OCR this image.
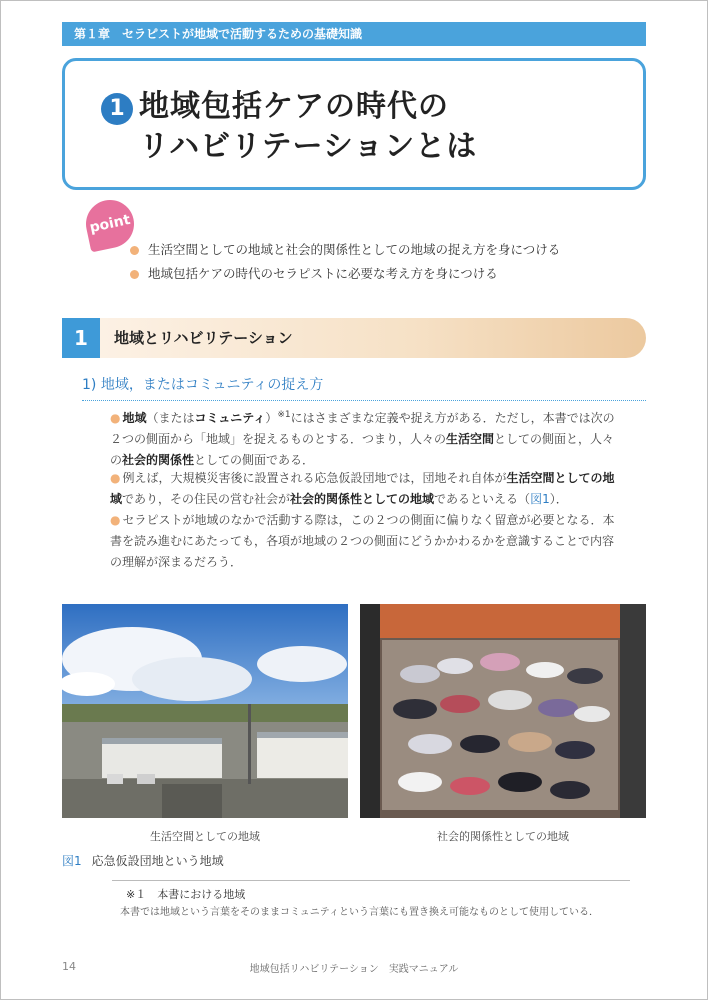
第１章　セラピストが地域で活動するための基礎知識
1 地域包括ケアの時代の
リハビリテーションとは
point
生活空間としての地域と社会的関係性としての地域の捉え方を身につける
地域包括ケアの時代のセラピストに必要な考え方を身につける
1	地域とリハビリテーション
1) 地域，またはコミュニティの捉え方

● 地域（またはコミュニティ）$^{※1}$にはさまざまな定義や捉え方がある．ただし，本書では次の２つの側面から「地域」を捉えるものとする．つまり，人々の生活空間としての側面と，人々の社会的関係性としての側面である．

● 例えば，大規模災害後に設置される応急仮設団地では，団地それ自体が生活空間としての地域であり，その住民の営む社会が社会的関係性としての地域であるといえる（図1）．

● セラピストが地域のなかで活動する際は，この２つの側面に偏りなく留意が必要となる．本書を読み進むにあたっても，各項が地域の２つの側面にどうかかわるかを意識することで内容の理解が深まるだろう．

生活空間としての地域	社会的関係性としての地域
図1 応急仮設団地という地域
※１　本書における地域
本書では地域という言葉をそのままコミュニティという言葉にも置き換え可能なものとして使用している．
地域包括リハビリテーション　実践マニュアル
14
